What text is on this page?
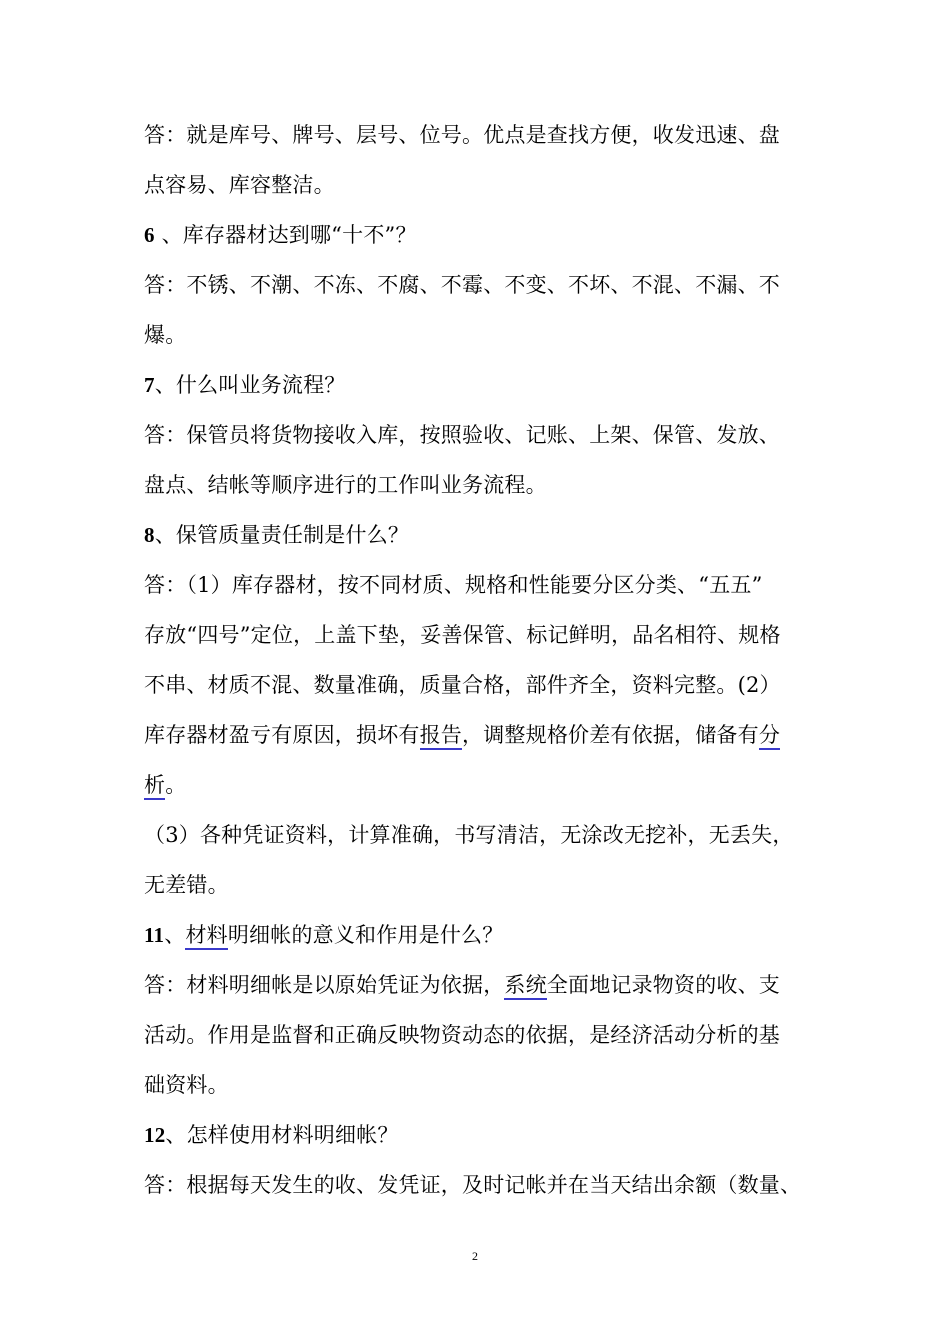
答：就是库号、牌号、层号、位号。优点是查找方便，收发迅速、盘
点容易、库容整洁。
6 、库存器材达到哪“十不”？
答：不锈、不潮、不冻、不腐、不霉、不变、不坏、不混、不漏、不
爆。
7、什么叫业务流程？
答：保管员将货物接收入库，按照验收、记账、上架、保管、发放、
盘点、结帐等顺序进行的工作叫业务流程。
8、保管质量责任制是什么？
答：（1）库存器材，按不同材质、规格和性能要分区分类、“五五”
存放“四号”定位，上盖下垫，妥善保管、标记鲜明，品名相符、规格
不串、材质不混、数量准确，质量合格，部件齐全，资料完整。(2）
库存器材盈亏有原因，损坏有报告，调整规格价差有依据，储备有分
析。
（3）各种凭证资料，计算准确，书写清洁，无涂改无挖补，无丢失，
无差错。
11、材料明细帐的意义和作用是什么？
答：材料明细帐是以原始凭证为依据，系统全面地记录物资的收、支
活动。作用是监督和正确反映物资动态的依据，是经济活动分析的基
础资料。
12、怎样使用材料明细帐？
答：根据每天发生的收、发凭证，及时记帐并在当天结出余额（数量、
2
